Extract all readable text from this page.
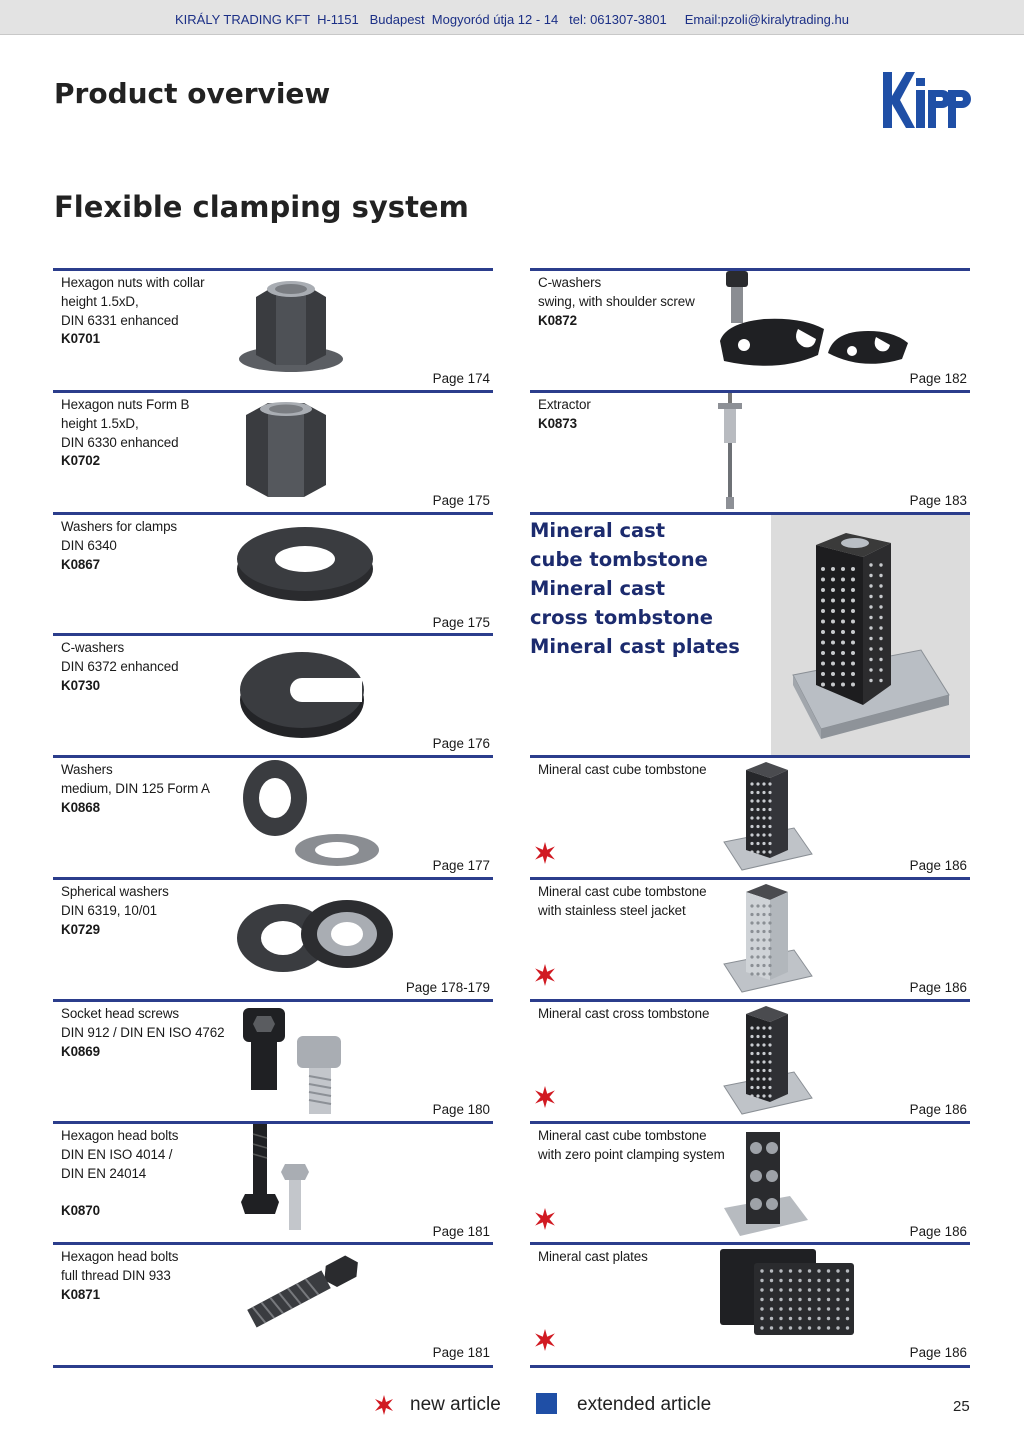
KIRÁLY TRADING KFT H-1151 Budapest Mogyoród útja 12 - 14 tel: 061307-3801 Email:pzoli@kiralytrading.hu
Product overview
Flexible clamping system
Hexagon nuts with collar
height 1.5xD,
DIN 6331 enhanced
K0701
Page 174
Hexagon nuts Form B
height 1.5xD,
DIN 6330 enhanced
K0702
Page 175
Washers for clamps
DIN 6340
K0867
Page 175
C-washers
DIN 6372 enhanced
K0730
Page 176
Washers
medium, DIN 125 Form A
K0868
Page 177
Spherical washers
DIN 6319, 10/01
K0729
Page 178-179
Socket head screws
DIN 912 / DIN EN ISO 4762
K0869
Page 180
Hexagon head bolts
DIN EN ISO 4014 /
DIN EN 24014
K0870
Page 181
Hexagon head bolts
full thread DIN 933
K0871
Page 181
Mineral cast
cube tombstone
Mineral cast
cross tombstone
Mineral cast plates
C-washers
swing, with shoulder screw
K0872
Page 182
Extractor
K0873
Page 183
Mineral cast cube tombstone
Page 186
Mineral cast cube tombstone
with stainless steel jacket
Page 186
Mineral cast cross tombstone
Page 186
Mineral cast cube tombstone
with zero point clamping system
Page 186
Mineral cast plates
Page 186
new article	extended article	25
